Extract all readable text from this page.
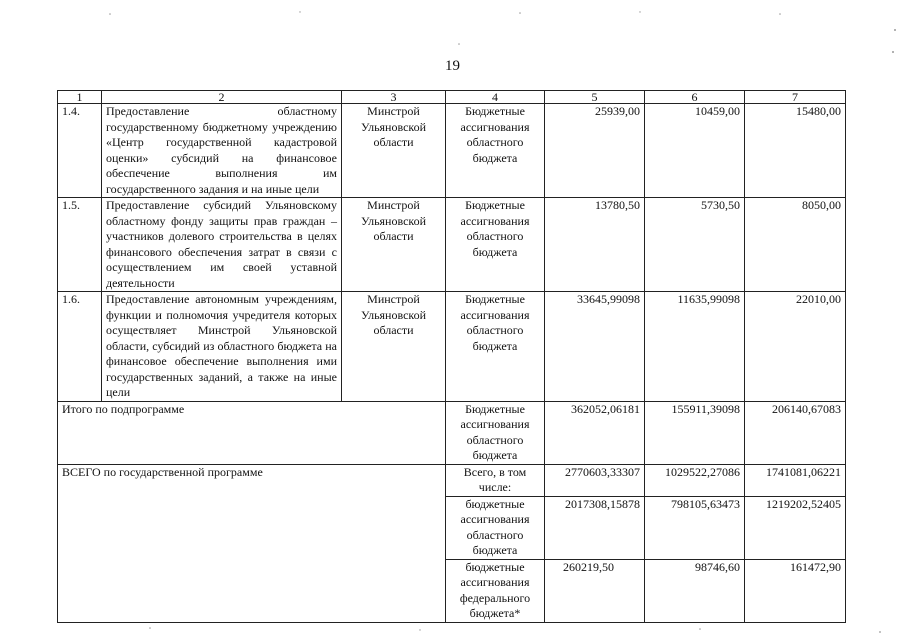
19
1	2	3	4	5	6	7
1.4.	Предоставление областному государственному бюджетному учреждению «Центр государственной кадастровой оценки» субсидий на финансовое обеспечение выполнения им государственного задания и на иные цели	Минстрой Ульяновской области	Бюджетные ассигнования областного бюджета	25939,00	10459,00	15480,00
1.5.	Предоставление субсидий Ульяновскому областному фонду защиты прав граждан – участников долевого строительства в целях финансового обеспечения затрат в связи с осуществлением им своей уставной деятельности	Минстрой Ульяновской области	Бюджетные ассигнования областного бюджета	13780,50	5730,50	8050,00
1.6.	Предоставление автономным учреждениям, функции и полномочия учредителя которых осуществляет Минстрой Ульяновской области, субсидий из областного бюджета на финансовое обеспечение выполнения ими государственных заданий, а также на иные цели	Минстрой Ульяновской области	Бюджетные ассигнования областного бюджета	33645,99098	11635,99098	22010,00
Итого по подпрограмме			Бюджетные ассигнования областного бюджета	362052,06181	155911,39098	206140,67083
ВСЕГО по государственной программе			Всего, в том числе:	2770603,33307	1029522,27086	1741081,06221
			бюджетные ассигнования областного бюджета	2017308,15878	798105,63473	1219202,52405
			бюджетные ассигнования федерального бюджета*	260219,50	98746,60	161472,90
